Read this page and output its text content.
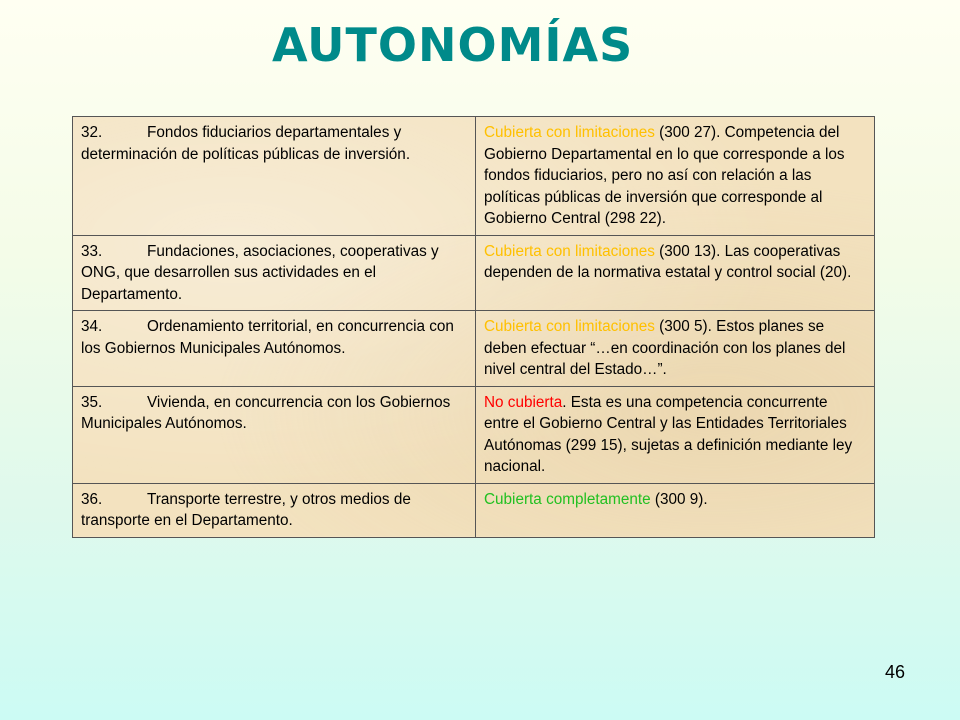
AUTONOMÍAS
32. Fondos fiduciarios departamentales y determinación de políticas públicas de inversión.	Cubierta con limitaciones (300 27). Competencia del Gobierno Departamental en lo que corresponde a los fondos fiduciarios, pero no así con relación a las políticas públicas de inversión que corresponde al Gobierno Central (298 22).
33. Fundaciones, asociaciones, cooperativas y ONG, que desarrollen sus actividades en el Departamento.	Cubierta con limitaciones (300 13). Las cooperativas dependen de la normativa estatal y control social (20).
34. Ordenamiento territorial, en concurrencia con los Gobiernos Municipales Autónomos.	Cubierta con limitaciones (300 5). Estos planes se deben efectuar “…en coordinación con los planes del nivel central del Estado…”.
35. Vivienda, en concurrencia con los Gobiernos Municipales Autónomos.	No cubierta. Esta es una competencia concurrente entre el Gobierno Central y las Entidades Territoriales Autónomas (299 15), sujetas a definición mediante ley nacional.
36. Transporte terrestre, y otros medios de transporte en el Departamento.	Cubierta completamente (300 9).
46
